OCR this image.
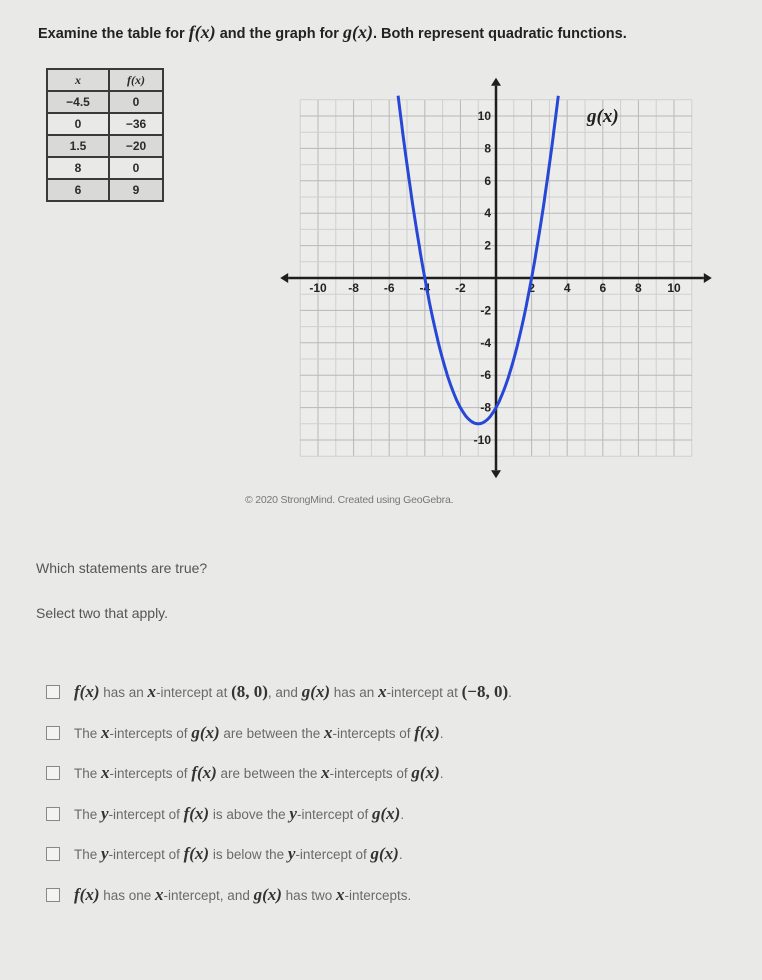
Examine the table for f(x) and the graph for g(x). Both represent quadratic functions.
x	f(x)
−4.5	0
0	−36
1.5	−20
8	0
6	9
-10 -8 -6 -4 -2	2 4 6 8 10
10
8
6
4
2
-2
-4
-6
-8
-10
g(x)
© 2020 StrongMind. Created using GeoGebra.
Which statements are true?
Select two that apply.
f(x) has an x-intercept at (8, 0), and g(x) has an x-intercept at (−8, 0).
The x-intercepts of g(x) are between the x-intercepts of f(x).
The x-intercepts of f(x) are between the x-intercepts of g(x).
The y-intercept of f(x) is above the y-intercept of g(x).
The y-intercept of f(x) is below the y-intercept of g(x).
f(x) has one x-intercept, and g(x) has two x-intercepts.
